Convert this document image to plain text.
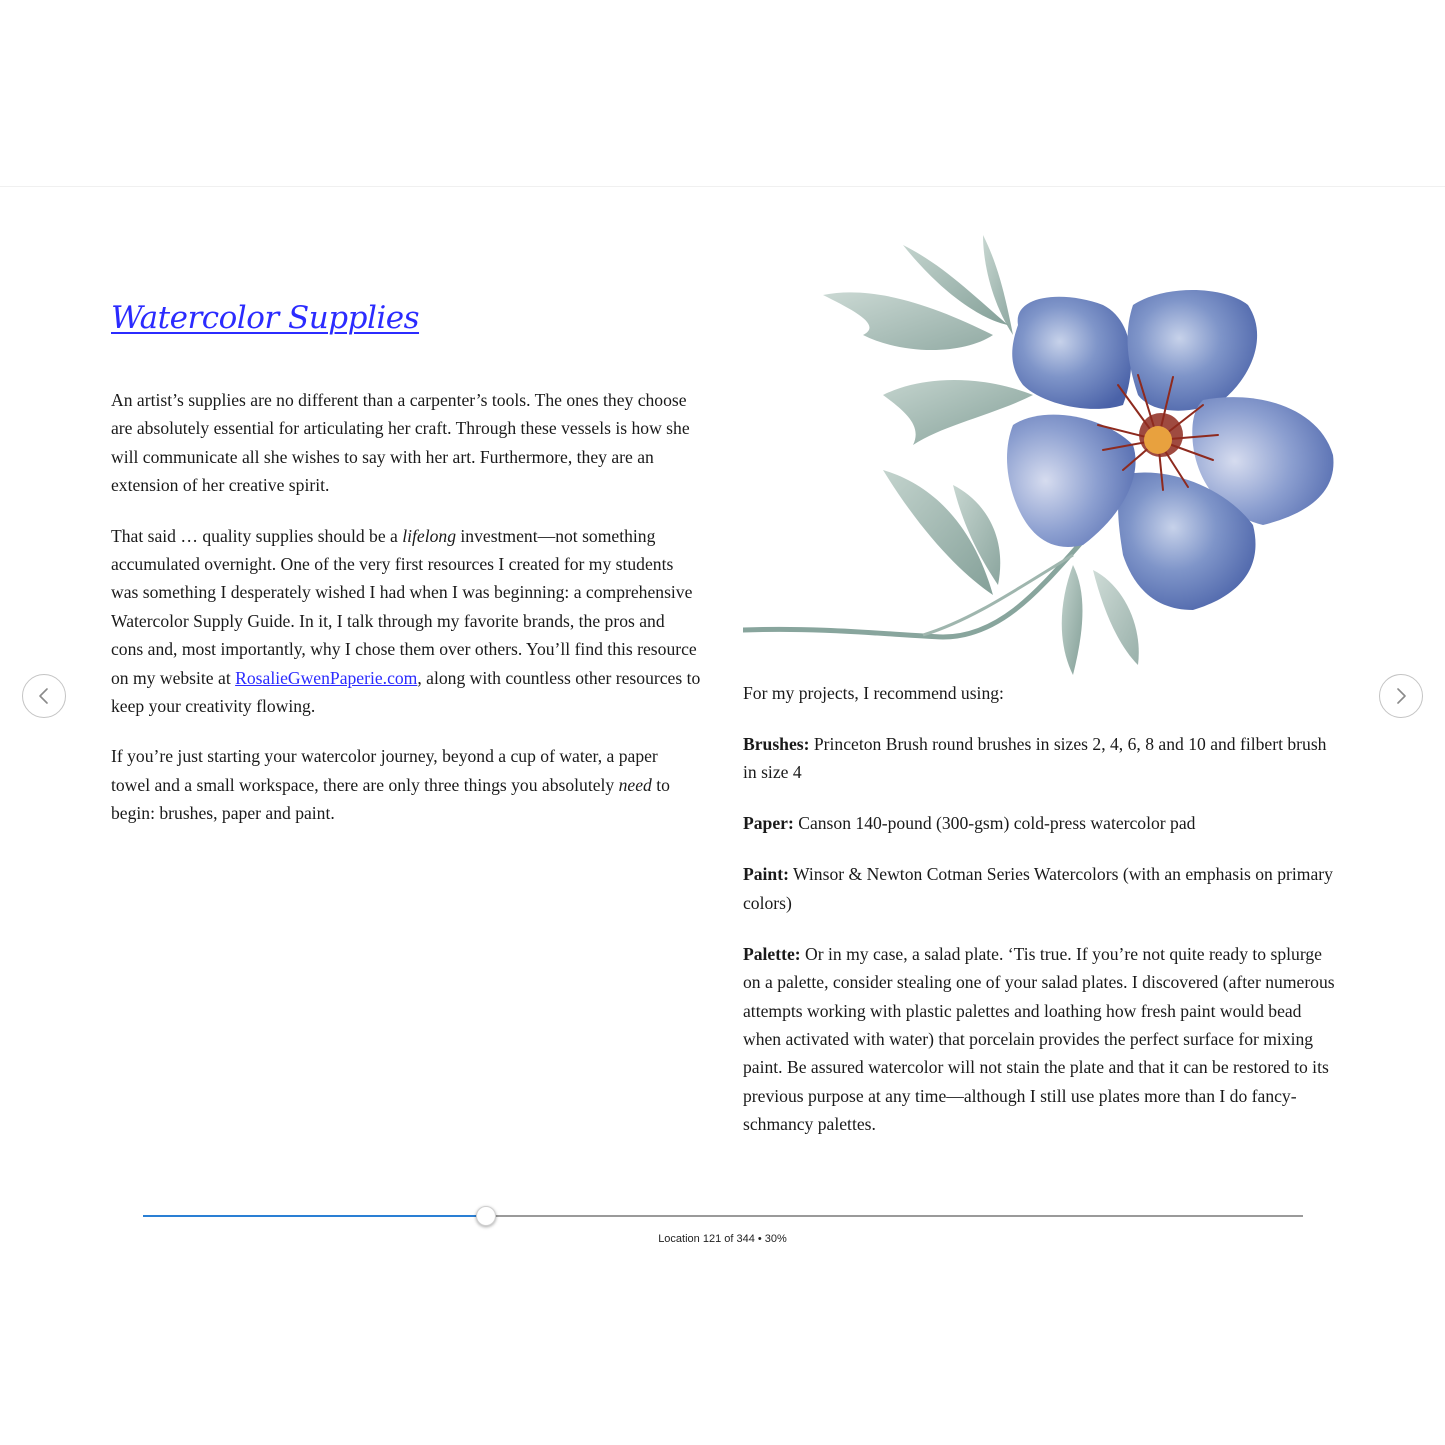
Watercolor Supplies

An artist’s supplies are no different than a carpenter’s tools. The ones they choose are absolutely essential for articulating her craft. Through these vessels is how she will communicate all she wishes to say with her art. Furthermore, they are an extension of her creative spirit.

That said … quality supplies should be a lifelong investment—not something accumulated overnight. One of the very first resources I created for my students was something I desperately wished I had when I was beginning: a comprehensive Watercolor Supply Guide. In it, I talk through my favorite brands, the pros and cons and, most importantly, why I chose them over others. You’ll find this resource on my website at RosalieGwenPaperie.com, along with countless other resources to keep your creativity flowing.

If you’re just starting your watercolor journey, beyond a cup of water, a paper towel and a small workspace, there are only three things you absolutely need to begin: brushes, paper and paint.

For my projects, I recommend using:

Brushes: Princeton Brush round brushes in sizes 2, 4, 6, 8 and 10 and filbert brush in size 4

Paper: Canson 140-pound (300-gsm) cold-press watercolor pad

Paint: Winsor & Newton Cotman Series Watercolors (with an emphasis on primary colors)

Palette: Or in my case, a salad plate. ‘Tis true. If you’re not quite ready to splurge on a palette, consider stealing one of your salad plates. I discovered (after numerous attempts working with plastic palettes and loathing how fresh paint would bead when activated with water) that porcelain provides the perfect surface for mixing paint. Be assured watercolor will not stain the plate and that it can be restored to its previous purpose at any time—although I still use plates more than I do fancy-schmancy palettes.

Location 121 of 344 • 30%
